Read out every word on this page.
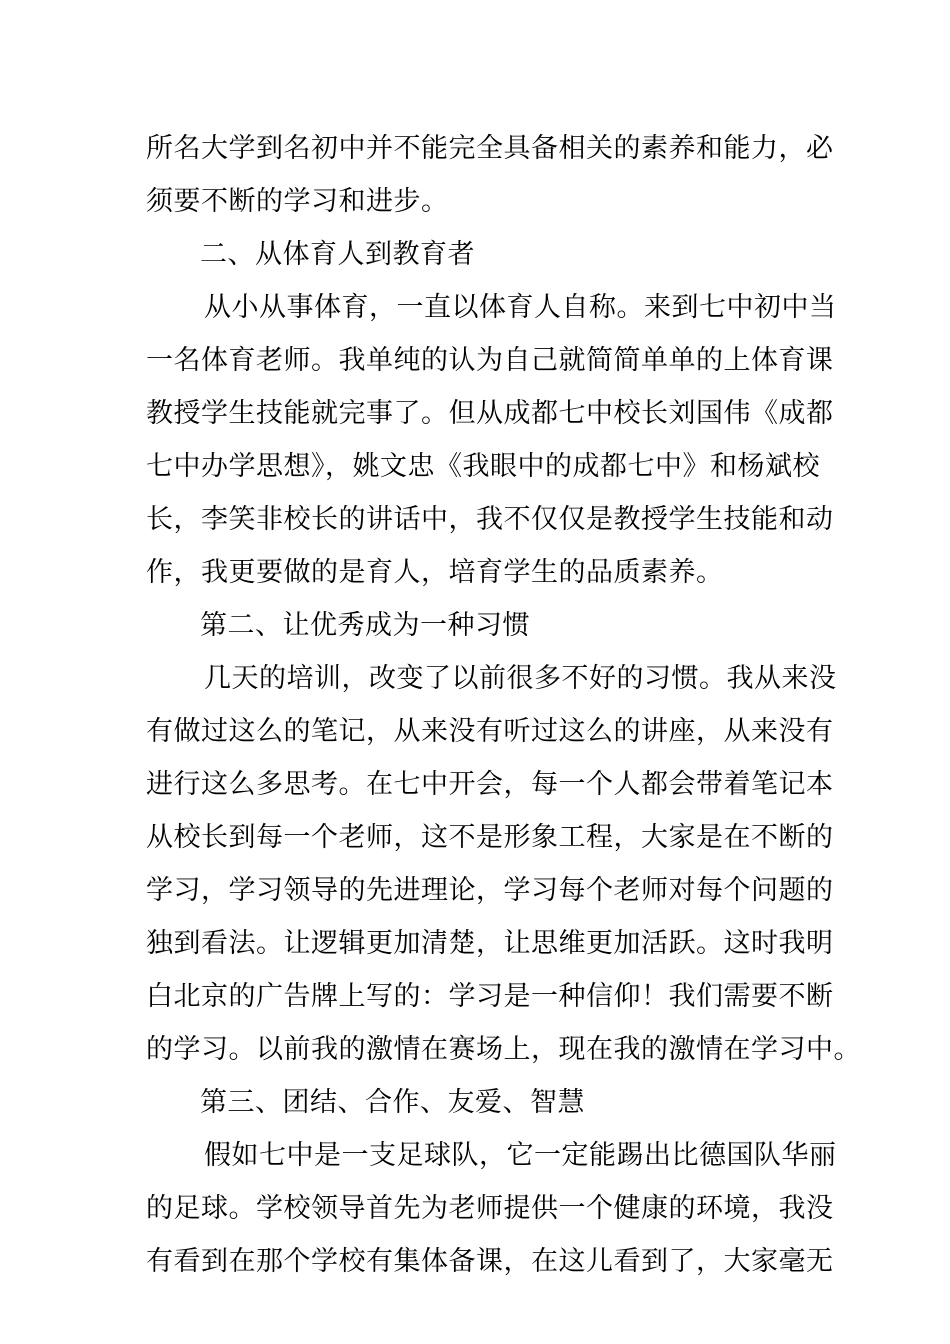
所名大学到名初中并不能完全具备相关的素养和能力，必
须要不断的学习和进步。
二、从体育人到教育者
从小从事体育，一直以体育人自称。来到七中初中当
一名体育老师。我单纯的认为自己就简简单单的上体育课
教授学生技能就完事了。但从成都七中校长刘国伟《成都
七中办学思想》，姚文忠《我眼中的成都七中》和杨斌校
长，李笑非校长的讲话中，我不仅仅是教授学生技能和动
作，我更要做的是育人，培育学生的品质素养。
第二、让优秀成为一种习惯
几天的培训，改变了以前很多不好的习惯。我从来没
有做过这么的笔记，从来没有听过这么的讲座，从来没有
进行这么多思考。在七中开会，每一个人都会带着笔记本
从校长到每一个老师，这不是形象工程，大家是在不断的
学习，学习领导的先进理论，学习每个老师对每个问题的
独到看法。让逻辑更加清楚，让思维更加活跃。这时我明
白北京的广告牌上写的：学习是一种信仰！我们需要不断
的学习。以前我的激情在赛场上，现在我的激情在学习中。
第三、团结、合作、友爱、智慧
假如七中是一支足球队，它一定能踢出比德国队华丽
的足球。学校领导首先为老师提供一个健康的环境，我没
有看到在那个学校有集体备课，在这儿看到了，大家毫无
